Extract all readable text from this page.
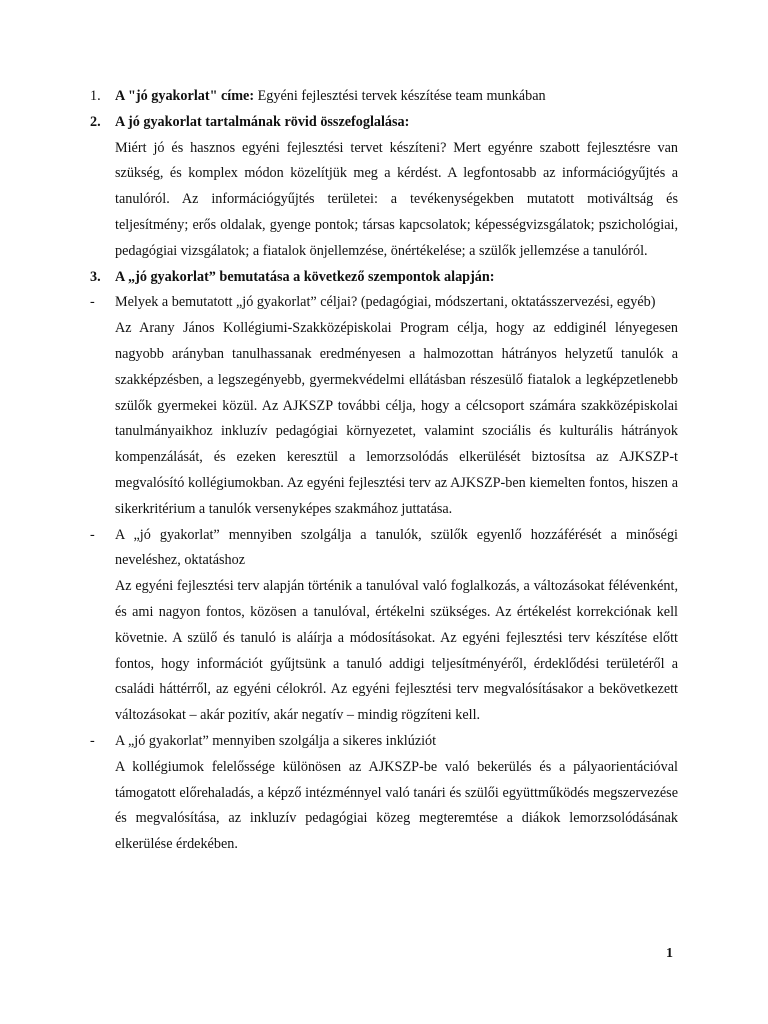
1. A "jó gyakorlat" címe: Egyéni fejlesztési tervek készítése team munkában
2. A jó gyakorlat tartalmának rövid összefoglalása:
Miért jó és hasznos egyéni fejlesztési tervet készíteni? Mert egyénre szabott fejlesztésre van szükség, és komplex módon közelítjük meg a kérdést. A legfontosabb az információgyűjtés a tanulóról. Az információgyűjtés területei: a tevékenységekben mutatott motiváltság és teljesítmény; erős oldalak, gyenge pontok; társas kapcsolatok; képességvizsgálatok; pszichológiai, pedagógiai vizsgálatok; a fiatalok önjellemzése, önértékelése; a szülők jellemzése a tanulóról.
3. A „jó gyakorlat” bemutatása a következő szempontok alapján:
- Melyek a bemutatott „jó gyakorlat” céljai? (pedagógiai, módszertani, oktatásszervezési, egyéb)
Az Arany János Kollégiumi-Szakközépiskolai Program célja, hogy az eddiginél lényegesen nagyobb arányban tanulhassanak eredményesen a halmozottan hátrányos helyzetű tanulók a szakképzésben, a legszegényebb, gyermekvédelmi ellátásban részesülő fiatalok a legképzetlenebb szülők gyermekei közül. Az AJKSZP további célja, hogy a célcsoport számára szakközépiskolai tanulmányaikhoz inkluzív pedagógiai környezetet, valamint szociális és kulturális hátrányok kompenzálását, és ezeken keresztül a lemorzsolódás elkerülését biztosítsa az AJKSZP-t megvalósító kollégiumokban. Az egyéni fejlesztési terv az AJKSZP-ben kiemelten fontos, hiszen a sikerkritérium a tanulók versenyképes szakmához juttatása.
- A „jó gyakorlat” mennyiben szolgálja a tanulók, szülők egyenlő hozzáférését a minőségi neveléshez, oktatáshoz
Az egyéni fejlesztési terv alapján történik a tanulóval való foglalkozás, a változásokat félévenként, és ami nagyon fontos, közösen a tanulóval, értékelni szükséges. Az értékelést korrekciónak kell követnie. A szülő és tanuló is aláírja a módosításokat. Az egyéni fejlesztési terv készítése előtt fontos, hogy információt gyűjtsünk a tanuló addigi teljesítményéről, érdeklődési területéről a családi háttérről, az egyéni célokról. Az egyéni fejlesztési terv megvalósításakor a bekövetkezett változásokat – akár pozitív, akár negatív – mindig rögzíteni kell.
- A „jó gyakorlat” mennyiben szolgálja a sikeres inklúziót
A kollégiumok felelőssége különösen az AJKSZP-be való bekerülés és a pályaorientációval támogatott előrehaladás, a képző intézménnyel való tanári és szülői együttműködés megszervezése és megvalósítása, az inkluzív pedagógiai közeg megteremtése a diákok lemorzsolódásának elkerülése érdekében.
1
